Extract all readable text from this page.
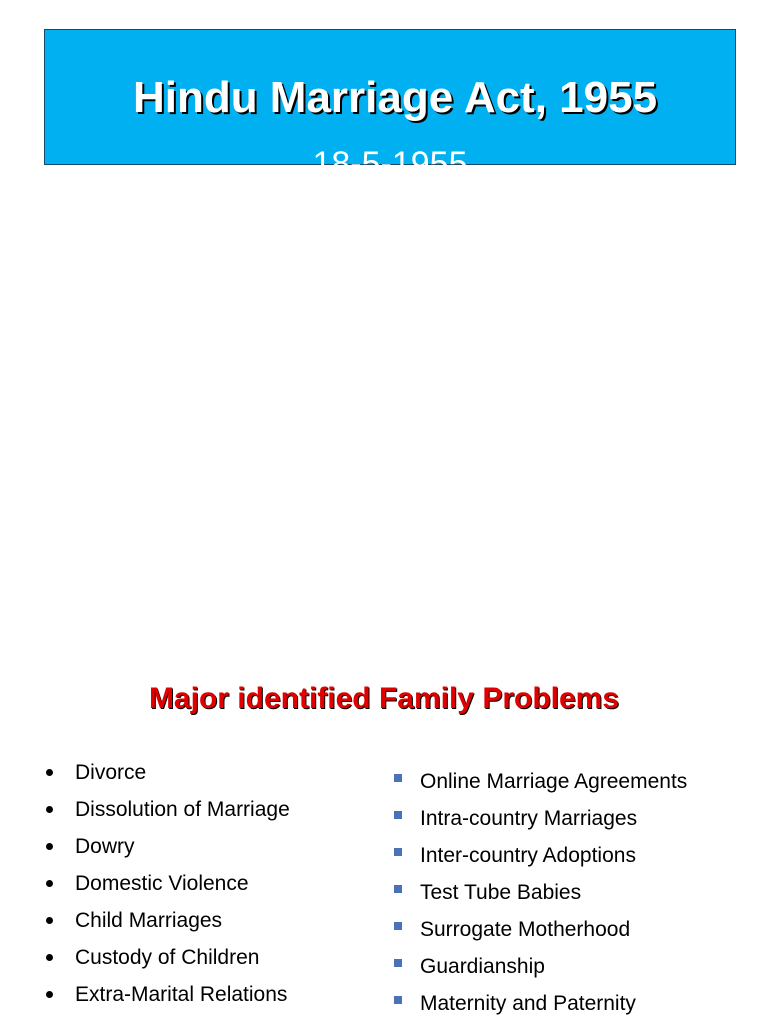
Hindu Marriage Act, 1955
18-5-1955
Major identified Family Problems
Divorce
Dissolution of Marriage
Dowry
Domestic Violence
Child Marriages
Custody of Children
Extra-Marital Relations
Online Marriage Agreements
Intra-country Marriages
Inter-country Adoptions
Test Tube Babies
Surrogate Motherhood
Guardianship
Maternity and Paternity
